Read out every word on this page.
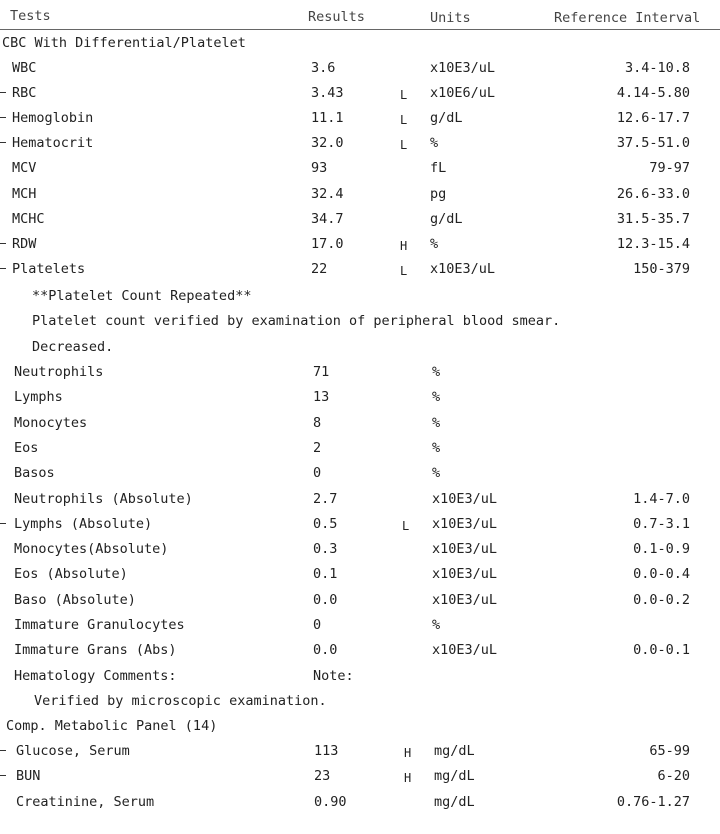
Tests	Results	Units	Reference Interval
CBC With Differential/Platelet
WBC	3.6	x10E3/uL	3.4-10.8
RBC	3.43	L x10E6/uL	4.14-5.80
Hemoglobin	11.1	L g/dL	12.6-17.7
Hematocrit	32.0	L %	37.5-51.0
MCV	93	fL	79-97
MCH	32.4	pg	26.6-33.0
MCHC	34.7	g/dL	31.5-35.7
RDW	17.0	H %	12.3-15.4
Platelets	22	L x10E3/uL	150-379
**Platelet Count Repeated**
Platelet count verified by examination of peripheral blood smear.
Decreased.
Neutrophils	71	%
Lymphs	13	%
Monocytes	8	%
Eos	2	%
Basos	0	%
Neutrophils (Absolute)	2.7	x10E3/uL	1.4-7.0
Lymphs (Absolute)	0.5	L x10E3/uL	0.7-3.1
Monocytes(Absolute)	0.3	x10E3/uL	0.1-0.9
Eos (Absolute)	0.1	x10E3/uL	0.0-0.4
Baso (Absolute)	0.0	x10E3/uL	0.0-0.2
Immature Granulocytes	0	%
Immature Grans (Abs)	0.0	x10E3/uL	0.0-0.1
Hematology Comments:	Note:
Verified by microscopic examination.
Comp. Metabolic Panel (14)
Glucose, Serum	113	H mg/dL	65-99
BUN	23	H mg/dL	6-20
Creatinine, Serum	0.90	mg/dL	0.76-1.27
